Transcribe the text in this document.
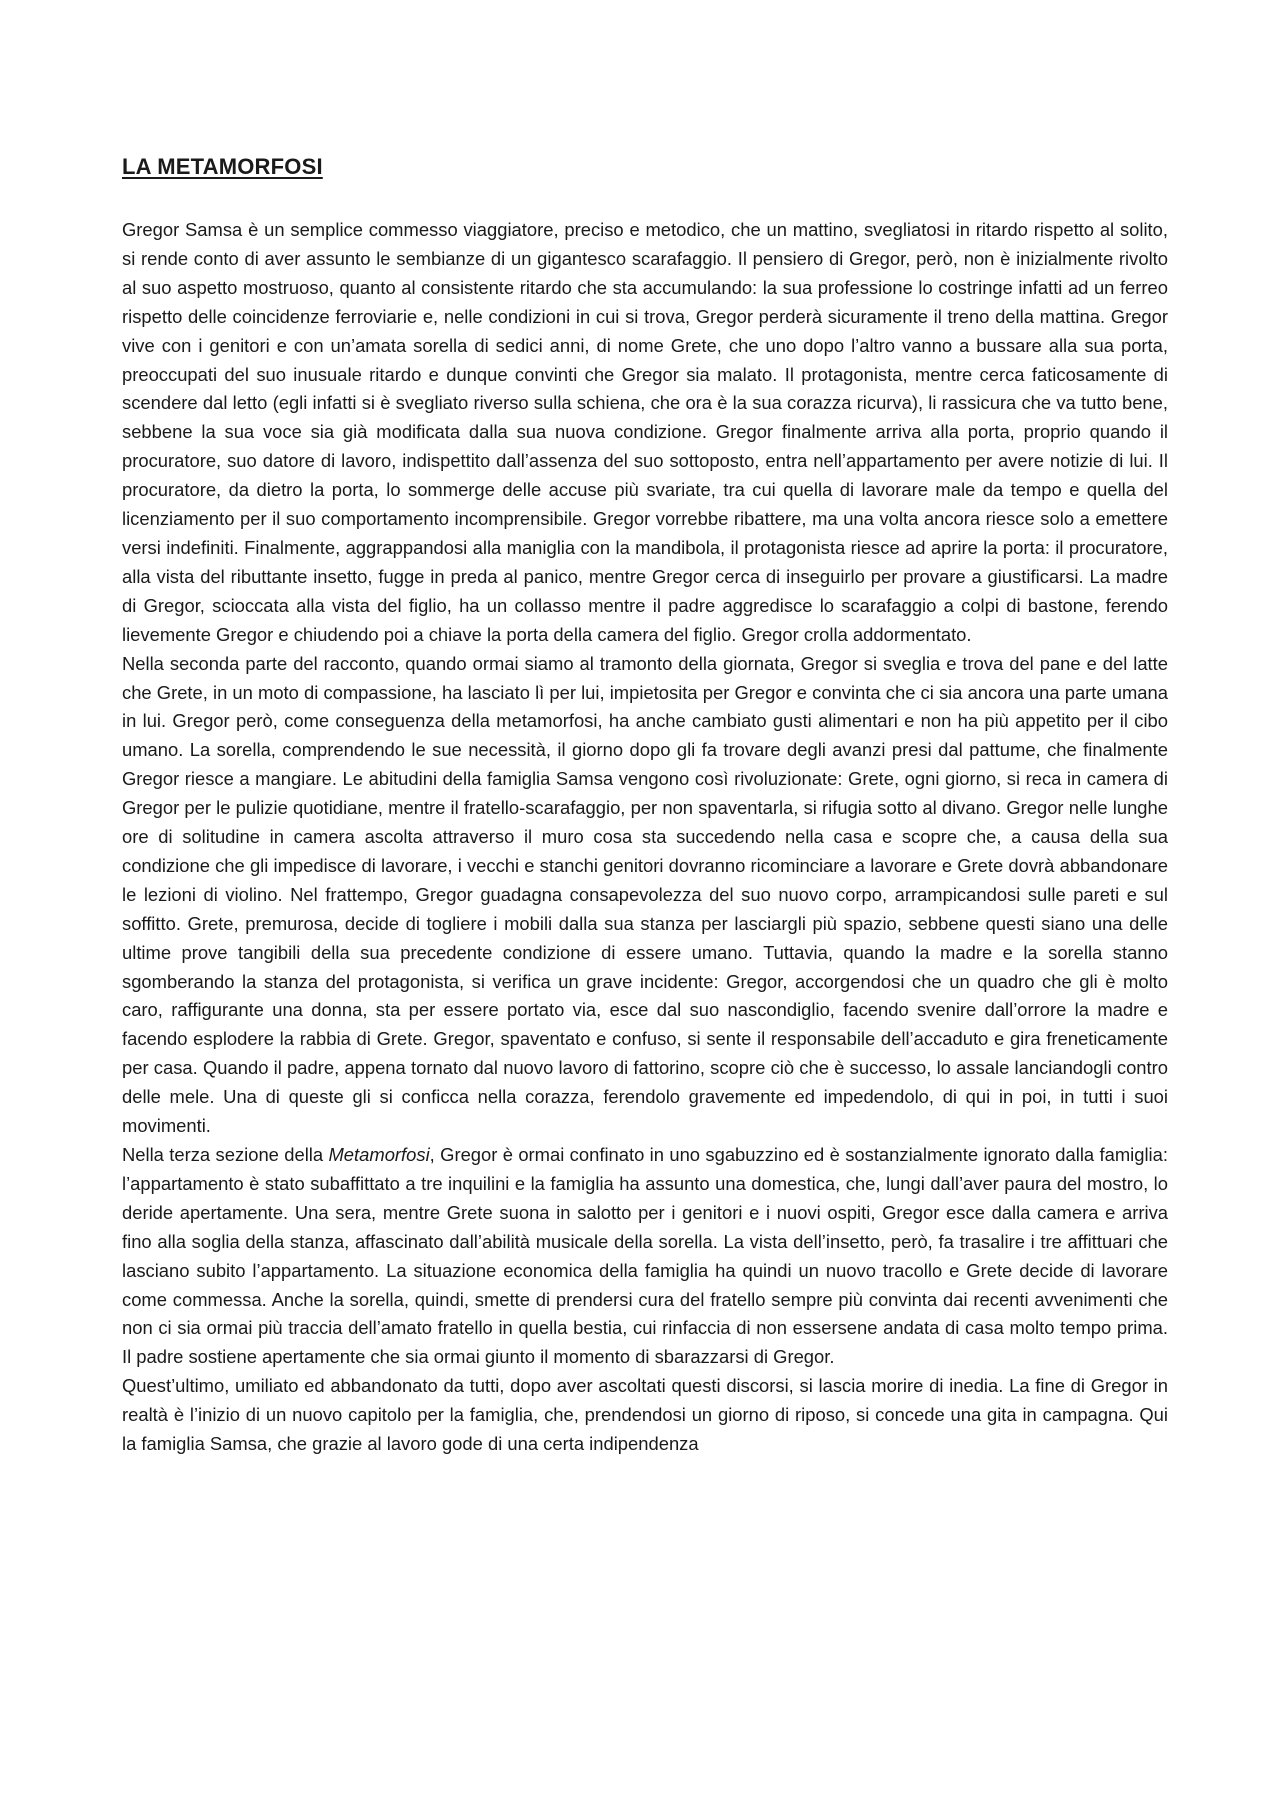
LA METAMORFOSI

Gregor Samsa è un semplice commesso viaggiatore, preciso e metodico, che un mattino, svegliatosi in ritardo rispetto al solito, si rende conto di aver assunto le sembianze di un gigantesco scarafaggio. Il pensiero di Gregor, però, non è inizialmente rivolto al suo aspetto mostruoso, quanto al consistente ritardo che sta accumulando: la sua professione lo costringe infatti ad un ferreo rispetto delle coincidenze ferroviarie e, nelle condizioni in cui si trova, Gregor perderà sicuramente il treno della mattina. Gregor vive con i genitori e con un’amata sorella di sedici anni, di nome Grete, che uno dopo l’altro vanno a bussare alla sua porta, preoccupati del suo inusuale ritardo e dunque convinti che Gregor sia malato. Il protagonista, mentre cerca faticosamente di scendere dal letto (egli infatti si è svegliato riverso sulla schiena, che ora è la sua corazza ricurva), li rassicura che va tutto bene, sebbene la sua voce sia già modificata dalla sua nuova condizione. Gregor finalmente arriva alla porta, proprio quando il procuratore, suo datore di lavoro, indispettito dall’assenza del suo sottoposto, entra nell’appartamento per avere notizie di lui. Il procuratore, da dietro la porta, lo sommerge delle accuse più svariate, tra cui quella di lavorare male da tempo e quella del licenziamento per il suo comportamento incomprensibile. Gregor vorrebbe ribattere, ma una volta ancora riesce solo a emettere versi indefiniti. Finalmente, aggrappandosi alla maniglia con la mandibola, il protagonista riesce ad aprire la porta: il procuratore, alla vista del ributtante insetto, fugge in preda al panico, mentre Gregor cerca di inseguirlo per provare a giustificarsi. La madre di Gregor, scioccata alla vista del figlio, ha un collasso mentre il padre aggredisce lo scarafaggio a colpi di bastone, ferendo lievemente Gregor e chiudendo poi a chiave la porta della camera del figlio. Gregor crolla addormentato.

Nella seconda parte del racconto, quando ormai siamo al tramonto della giornata, Gregor si sveglia e trova del pane e del latte che Grete, in un moto di compassione, ha lasciato lì per lui, impietosita per Gregor e convinta che ci sia ancora una parte umana in lui. Gregor però, come conseguenza della metamorfosi, ha anche cambiato gusti alimentari e non ha più appetito per il cibo umano. La sorella, comprendendo le sue necessità, il giorno dopo gli fa trovare degli avanzi presi dal pattume, che finalmente Gregor riesce a mangiare. Le abitudini della famiglia Samsa vengono così rivoluzionate: Grete, ogni giorno, si reca in camera di Gregor per le pulizie quotidiane, mentre il fratello-scarafaggio, per non spaventarla, si rifugia sotto al divano. Gregor nelle lunghe ore di solitudine in camera ascolta attraverso il muro cosa sta succedendo nella casa e scopre che, a causa della sua condizione che gli impedisce di lavorare, i vecchi e stanchi genitori dovranno ricominciare a lavorare e Grete dovrà abbandonare le lezioni di violino. Nel frattempo, Gregor guadagna consapevolezza del suo nuovo corpo, arrampicandosi sulle pareti e sul soffitto. Grete, premurosa, decide di togliere i mobili dalla sua stanza per lasciargli più spazio, sebbene questi siano una delle ultime prove tangibili della sua precedente condizione di essere umano. Tuttavia, quando la madre e la sorella stanno sgomberando la stanza del protagonista, si verifica un grave incidente: Gregor, accorgendosi che un quadro che gli è molto caro, raffigurante una donna, sta per essere portato via, esce dal suo nascondiglio, facendo svenire dall’orrore la madre e facendo esplodere la rabbia di Grete. Gregor, spaventato e confuso, si sente il responsabile dell’accaduto e gira freneticamente per casa. Quando il padre, appena tornato dal nuovo lavoro di fattorino, scopre ciò che è successo, lo assale lanciandogli contro delle mele. Una di queste gli si conficca nella corazza, ferendolo gravemente ed impedendolo, di qui in poi, in tutti i suoi movimenti.

Nella terza sezione della Metamorfosi, Gregor è ormai confinato in uno sgabuzzino ed è sostanzialmente ignorato dalla famiglia: l’appartamento è stato subaffittato a tre inquilini e la famiglia ha assunto una domestica, che, lungi dall’aver paura del mostro, lo deride apertamente. Una sera, mentre Grete suona in salotto per i genitori e i nuovi ospiti, Gregor esce dalla camera e arriva fino alla soglia della stanza, affascinato dall’abilità musicale della sorella. La vista dell’insetto, però, fa trasalire i tre affittuari che lasciano subito l’appartamento. La situazione economica della famiglia ha quindi un nuovo tracollo e Grete decide di lavorare come commessa. Anche la sorella, quindi, smette di prendersi cura del fratello sempre più convinta dai recenti avvenimenti che non ci sia ormai più traccia dell’amato fratello in quella bestia, cui rinfaccia di non essersene andata di casa molto tempo prima. Il padre sostiene apertamente che sia ormai giunto il momento di sbarazzarsi di Gregor.

Quest’ultimo, umiliato ed abbandonato da tutti, dopo aver ascoltati questi discorsi, si lascia morire di inedia. La fine di Gregor in realtà è l’inizio di un nuovo capitolo per la famiglia, che, prendendosi un giorno di riposo, si concede una gita in campagna. Qui la famiglia Samsa, che grazie al lavoro gode di una certa indipendenza
